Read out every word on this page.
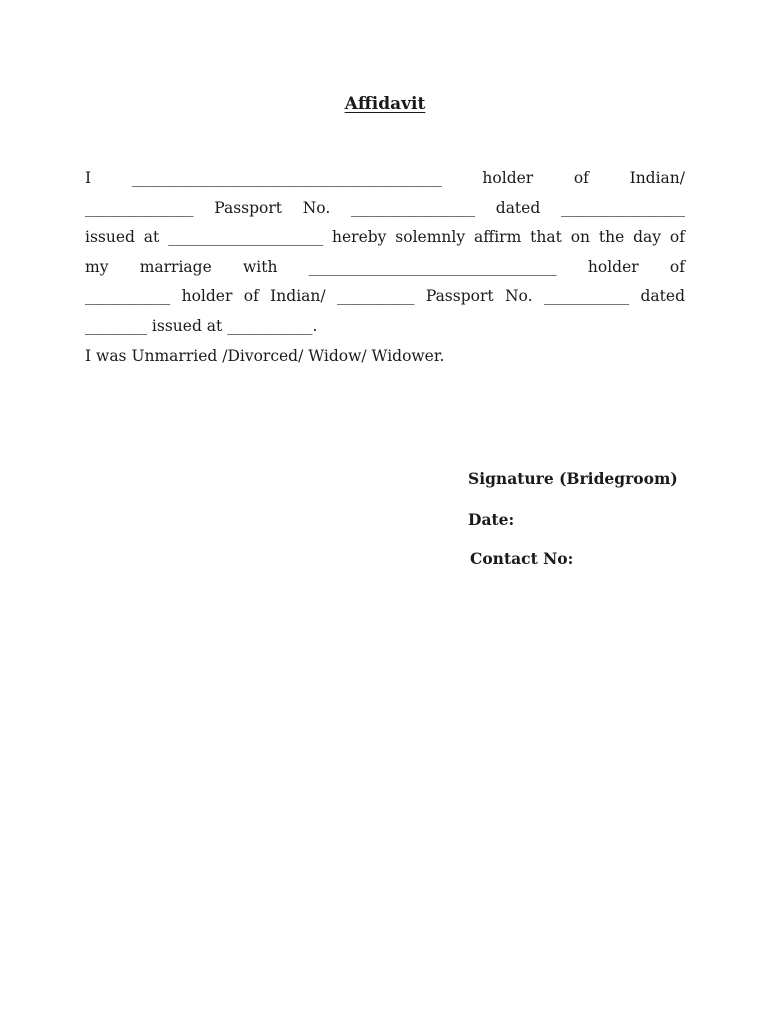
Affidavit
I ________________________________________ holder of Indian/
______________ Passport No. ________________ dated ________________
issued at ____________________ hereby solemnly affirm that on the day of
my marriage with ________________________________ holder of
___________ holder of Indian/ __________ Passport No. ___________ dated
________ issued at ___________.
I was Unmarried /Divorced/ Widow/ Widower.
Signature (Bridegroom)
Date:
Contact No:
